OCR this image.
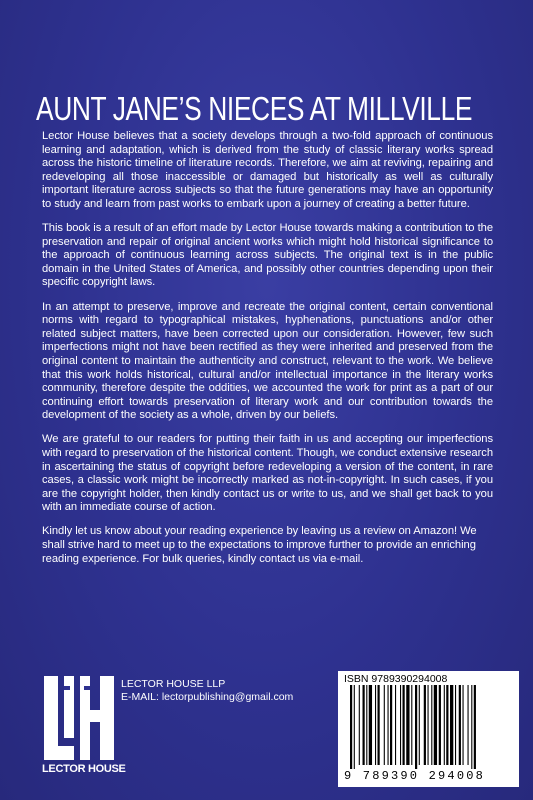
AUNT JANE’S NIECES AT MILLVILLE

Lector House believes that a society develops through a two-fold approach of continuous learning and adaptation, which is derived from the study of classic literary works spread across the historic timeline of literature records. Therefore, we aim at reviving, repairing and redeveloping all those inaccessible or damaged but historically as well as culturally important literature across subjects so that the future generations may have an opportunity to study and learn from past works to embark upon a journey of creating a better future.

This book is a result of an effort made by Lector House towards making a contribution to the preservation and repair of original ancient works which might hold historical significance to the approach of continuous learning across subjects. The original text is in the public domain in the United States of America, and possibly other countries depending upon their specific copyright laws.

In an attempt to preserve, improve and recreate the original content, certain conventional norms with regard to typographical mistakes, hyphenations, punctuations and/or other related subject matters, have been corrected upon our consideration. However, few such imperfections might not have been rectified as they were inherited and preserved from the original content to maintain the authenticity and construct, relevant to the work. We believe that this work holds historical, cultural and/or intellectual importance in the literary works community, therefore despite the oddities, we accounted the work for print as a part of our continuing effort towards preservation of literary work and our contribution towards the development of the society as a whole, driven by our beliefs.

We are grateful to our readers for putting their faith in us and accepting our imperfections with regard to preservation of the historical content. Though, we conduct extensive research in ascertaining the status of copyright before redeveloping a version of the content, in rare cases, a classic work might be incorrectly marked as not-in-copyright. In such cases, if you are the copyright holder, then kindly contact us or write to us, and we shall get back to you with an immediate course of action.

Kindly let us know about your reading experience by leaving us a review on Amazon! We shall strive hard to meet up to the expectations to improve further to provide an enriching reading experience. For bulk queries, kindly contact us via e-mail.

LECTOR HOUSE
LECTOR HOUSE LLP
E-MAIL: lectorpublishing@gmail.com
ISBN 9789390294008
9 789390 294008
